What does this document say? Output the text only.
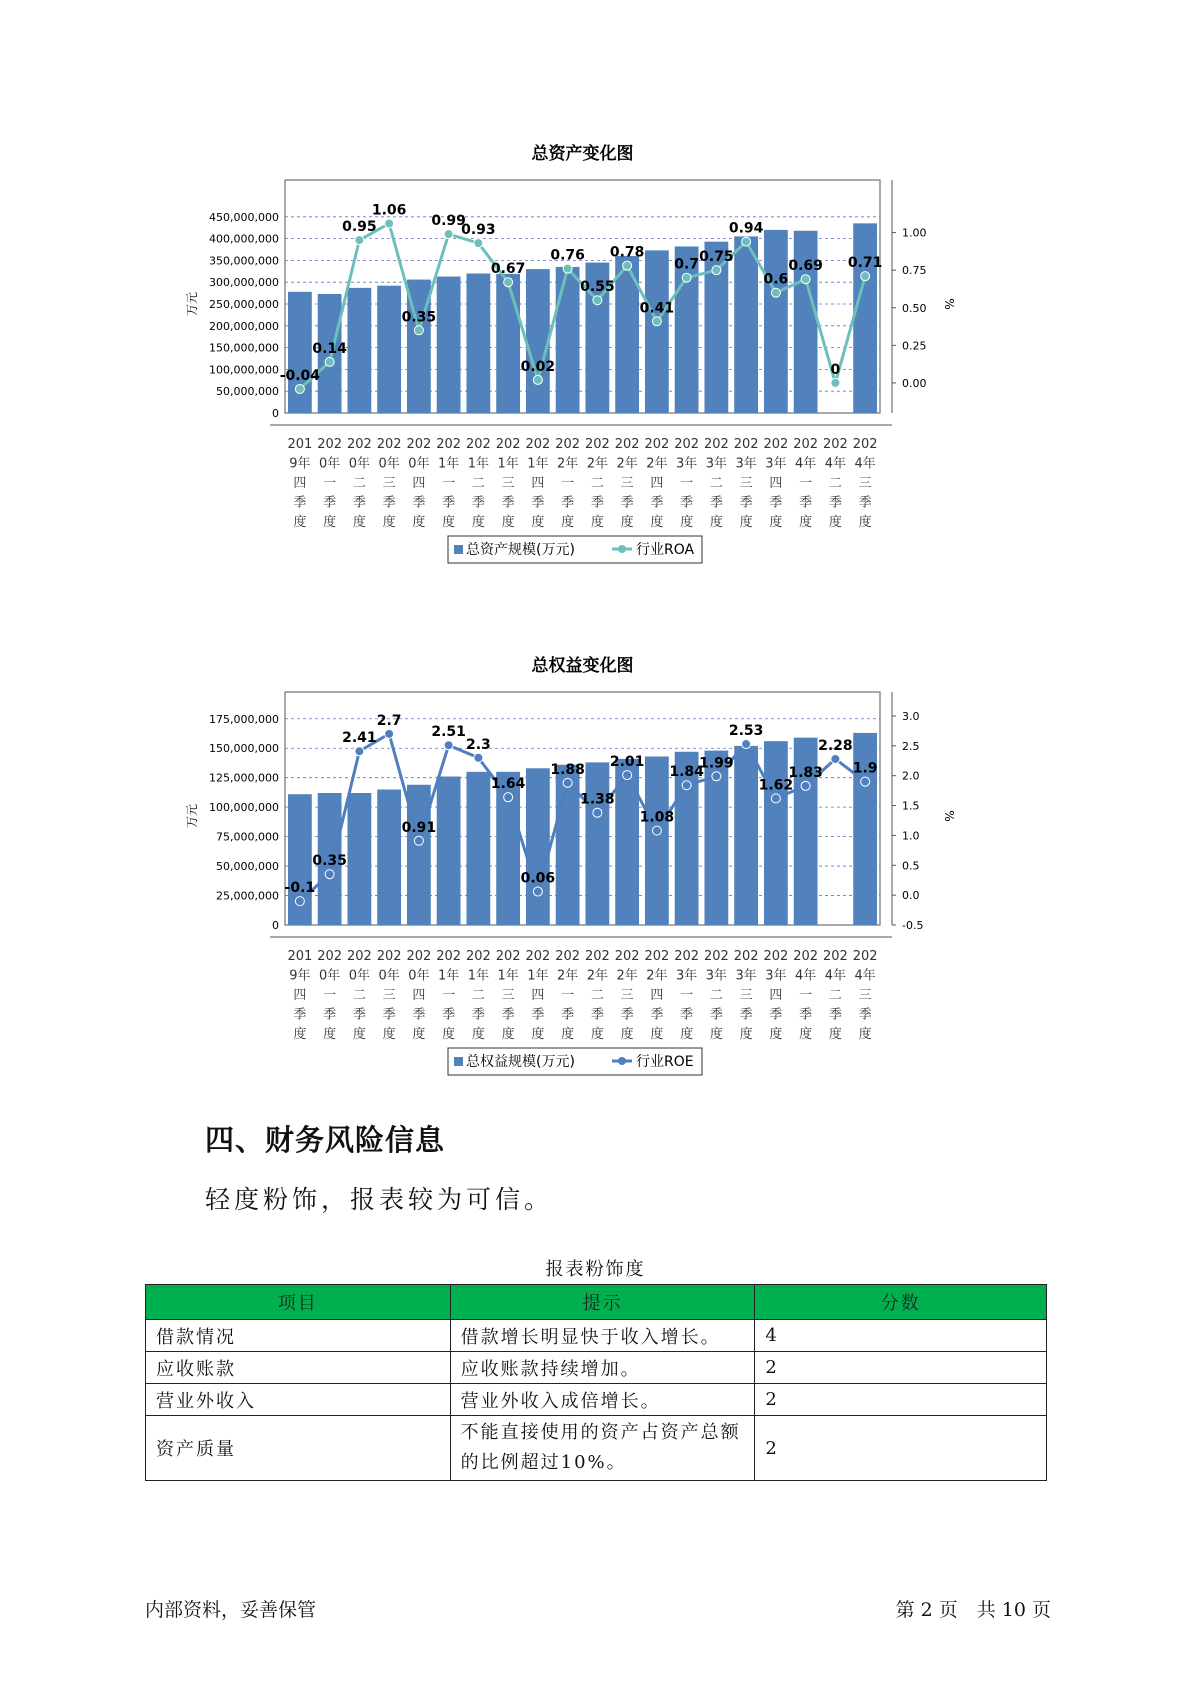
总资产变化图
450,000,000
400,000,000
350,000,000
300,000,000
250,000,000
200,000,000
150,000,000
100,000,000
50,000,000
0
万元
1.00
0.75
0.50
0.25
0.00
%
-0.04
0.14
0.95
1.06
0.35
0.99
0.93
0.67
0.02
0.76
0.55
0.78
0.41
0.7 0.75
0.94
0.6
0.69
0
0.71
201 9年四季度
202 0年一季度
202 0年二季度
202 0年三季度
202 0年四季度
202 1年一季度
202 1年二季度
202 1年三季度
202 1年四季度
202 2年一季度
202 2年二季度
202 2年三季度
202 2年四季度
202 3年一季度
202 3年二季度
202 3年三季度
202 3年四季度
202 4年一季度
202 4年二季度
202 4年三季度
总资产规模(万元)	行业ROA
总权益变化图
175,000,000
150,000,000
125,000,000
100,000,000
75,000,000
50,000,000
25,000,000
0
万元
3.0
2.5
2.0
1.5
1.0
0.5
0.0
-0.5
%
-0.1
0.35
2.41
2.7
0.91
2.51
2.3
1.64
0.06
1.88
1.38
2.01
1.08
1.84
1.99
2.53
1.62
1.83
2.28
1.9
201 9年四季度
202 0年一季度
202 0年二季度
202 0年三季度
202 0年四季度
202 1年一季度
202 1年二季度
202 1年三季度
202 1年四季度
202 2年一季度
202 2年二季度
202 2年三季度
202 2年四季度
202 3年一季度
202 3年二季度
202 3年三季度
202 3年四季度
202 4年一季度
202 4年二季度
202 4年三季度
总权益规模(万元)	行业ROE
四、财务风险信息

轻度粉饰，报表较为可信。

报表粉饰度
项目	提示	分数
借款情况	借款增长明显快于收入增长。	4
应收账款	应收账款持续增加。	2
营业外收入	营业外收入成倍增长。	2
资产质量	不能直接使用的资产占资产总额
的比例超过10%。	2
内部资料，妥善保管	第 2 页　共 10 页
